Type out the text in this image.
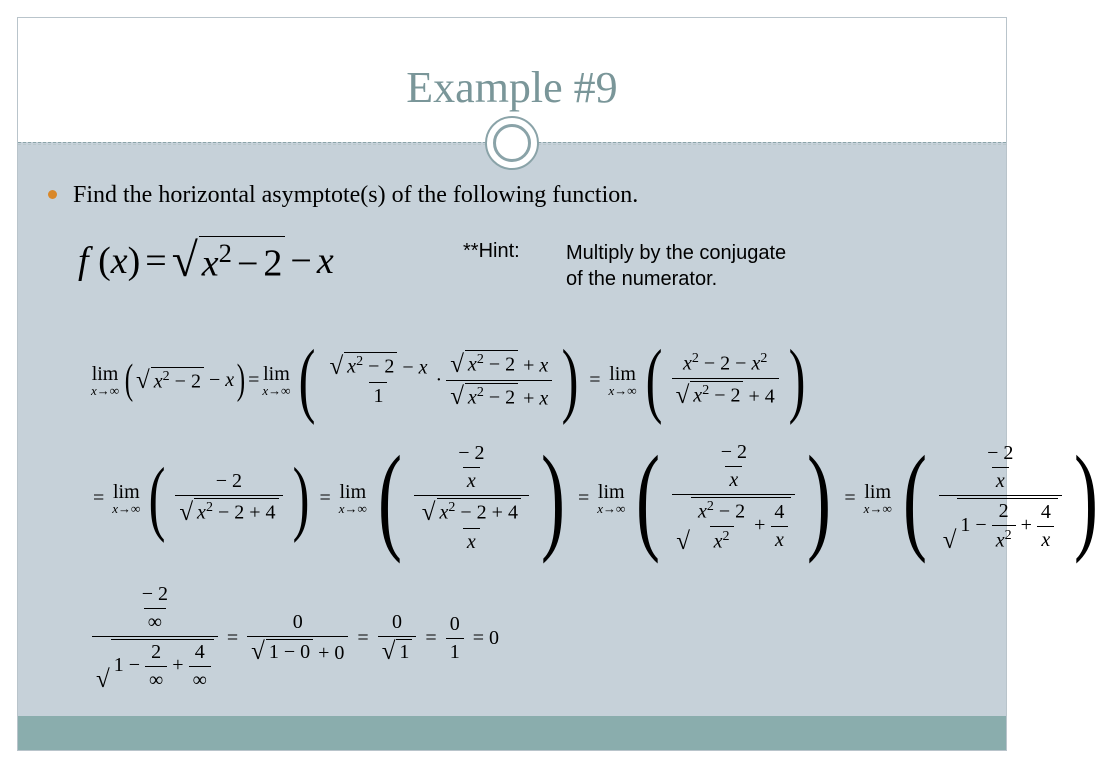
Example #9
Find the horizontal asymptote(s) of the following function.
f ( x ) = √ $x^2 - 2 - x$	**Hint: Multiply by the conjugate
of the numerator.
lim
x→∞ ( √ $x^2 - 2 - x$ ) = lim
x→∞ ( $\frac{√ x^2 - 2 - x}{1} \cdot \frac{√ x^2 - 2 + x}{√ x^2 - 2 + x}$ ) = lim
x→∞ ( $\frac{x^2 - 2 - x^2}{√ x^2 - 2 + 4}$ )
= lim
x→∞ ( $\frac{- 2}{√ x^2 - 2 + 4}$ ) = lim
x→∞ ( $\frac{\frac{- 2}{x}}{\frac{√ x^2 - 2 + 4}{x}}$ ) = lim
x→∞ ( $\frac{\frac{- 2}{x}}{√ \frac{x^2 - 2}{x^2} + \frac{4}{x}}$ ) = lim
x→∞ ( $\frac{- 2}{x}$
√
$1 - \frac{2}{x^2} + \frac{4}{x}$ )
$\frac{- 2}{\infty}$
√
$1 - \frac{2}{\infty} + \frac{4}{\infty} = \frac{0}{√ 1 - 0 + 0} = \frac{0}{√ 1} = \frac{0}{1} = 0$
